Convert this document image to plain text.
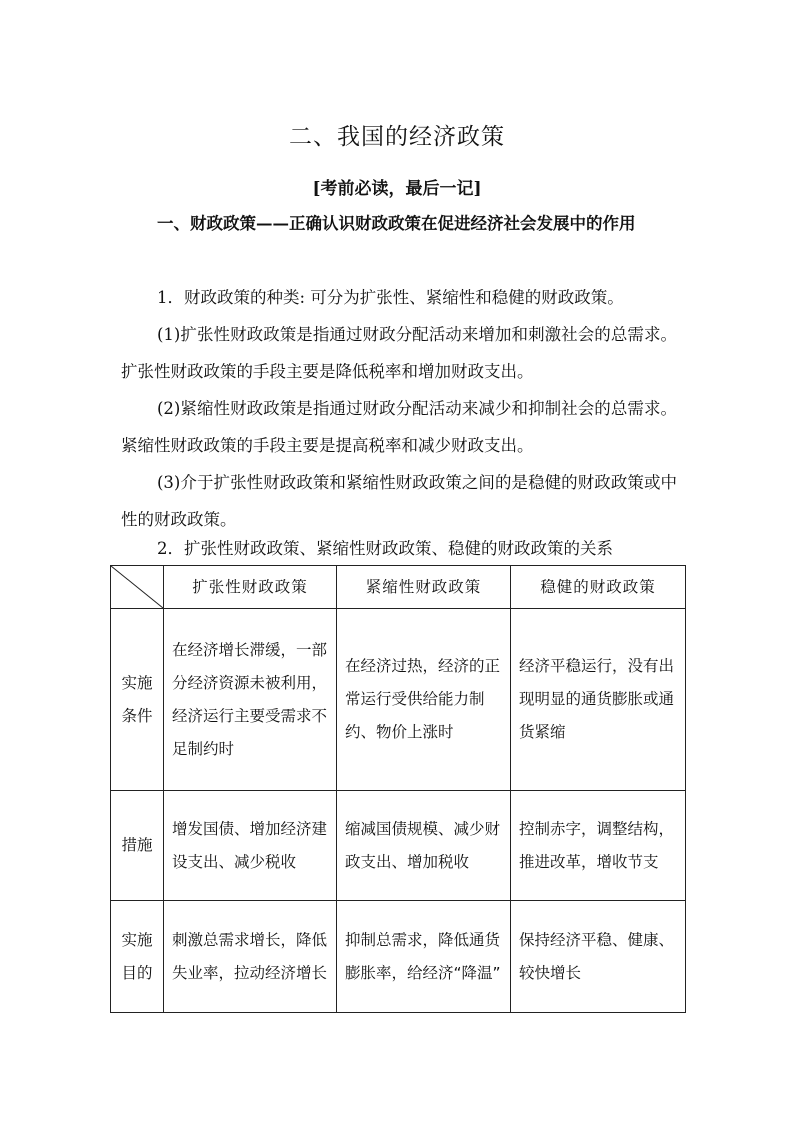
二、我国的经济政策
[考前必读，最后一记]

一、财政政策——正确认识财政政策在促进经济社会发展中的作用

1．财政政策的种类: 可分为扩张性、紧缩性和稳健的财政政策。

(1)扩张性财政政策是指通过财政分配活动来增加和刺激社会的总需求。扩张性财政政策的手段主要是降低税率和增加财政支出。

(2)紧缩性财政政策是指通过财政分配活动来减少和抑制社会的总需求。紧缩性财政政策的手段主要是提高税率和减少财政支出。

(3)介于扩张性财政政策和紧缩性财政政策之间的是稳健的财政政策或中性的财政政策。

2．扩张性财政政策、紧缩性财政政策、稳健的财政政策的关系

	扩张性财政政策	紧缩性财政政策	稳健的财政政策
实施条件	在经济增长滞缓，一部分经济资源未被利用，经济运行主要受需求不足制约时	在经济过热，经济的正常运行受供给能力制约、物价上涨时	经济平稳运行，没有出现明显的通货膨胀或通货紧缩
措施	增发国债、增加经济建设支出、减少税收	缩减国债规模、减少财政支出、增加税收	控制赤字，调整结构，推进改革，增收节支
实施目的	刺激总需求增长，降低失业率，拉动经济增长	抑制总需求，降低通货膨胀率，给经济“降温”	保持经济平稳、健康、较快增长
